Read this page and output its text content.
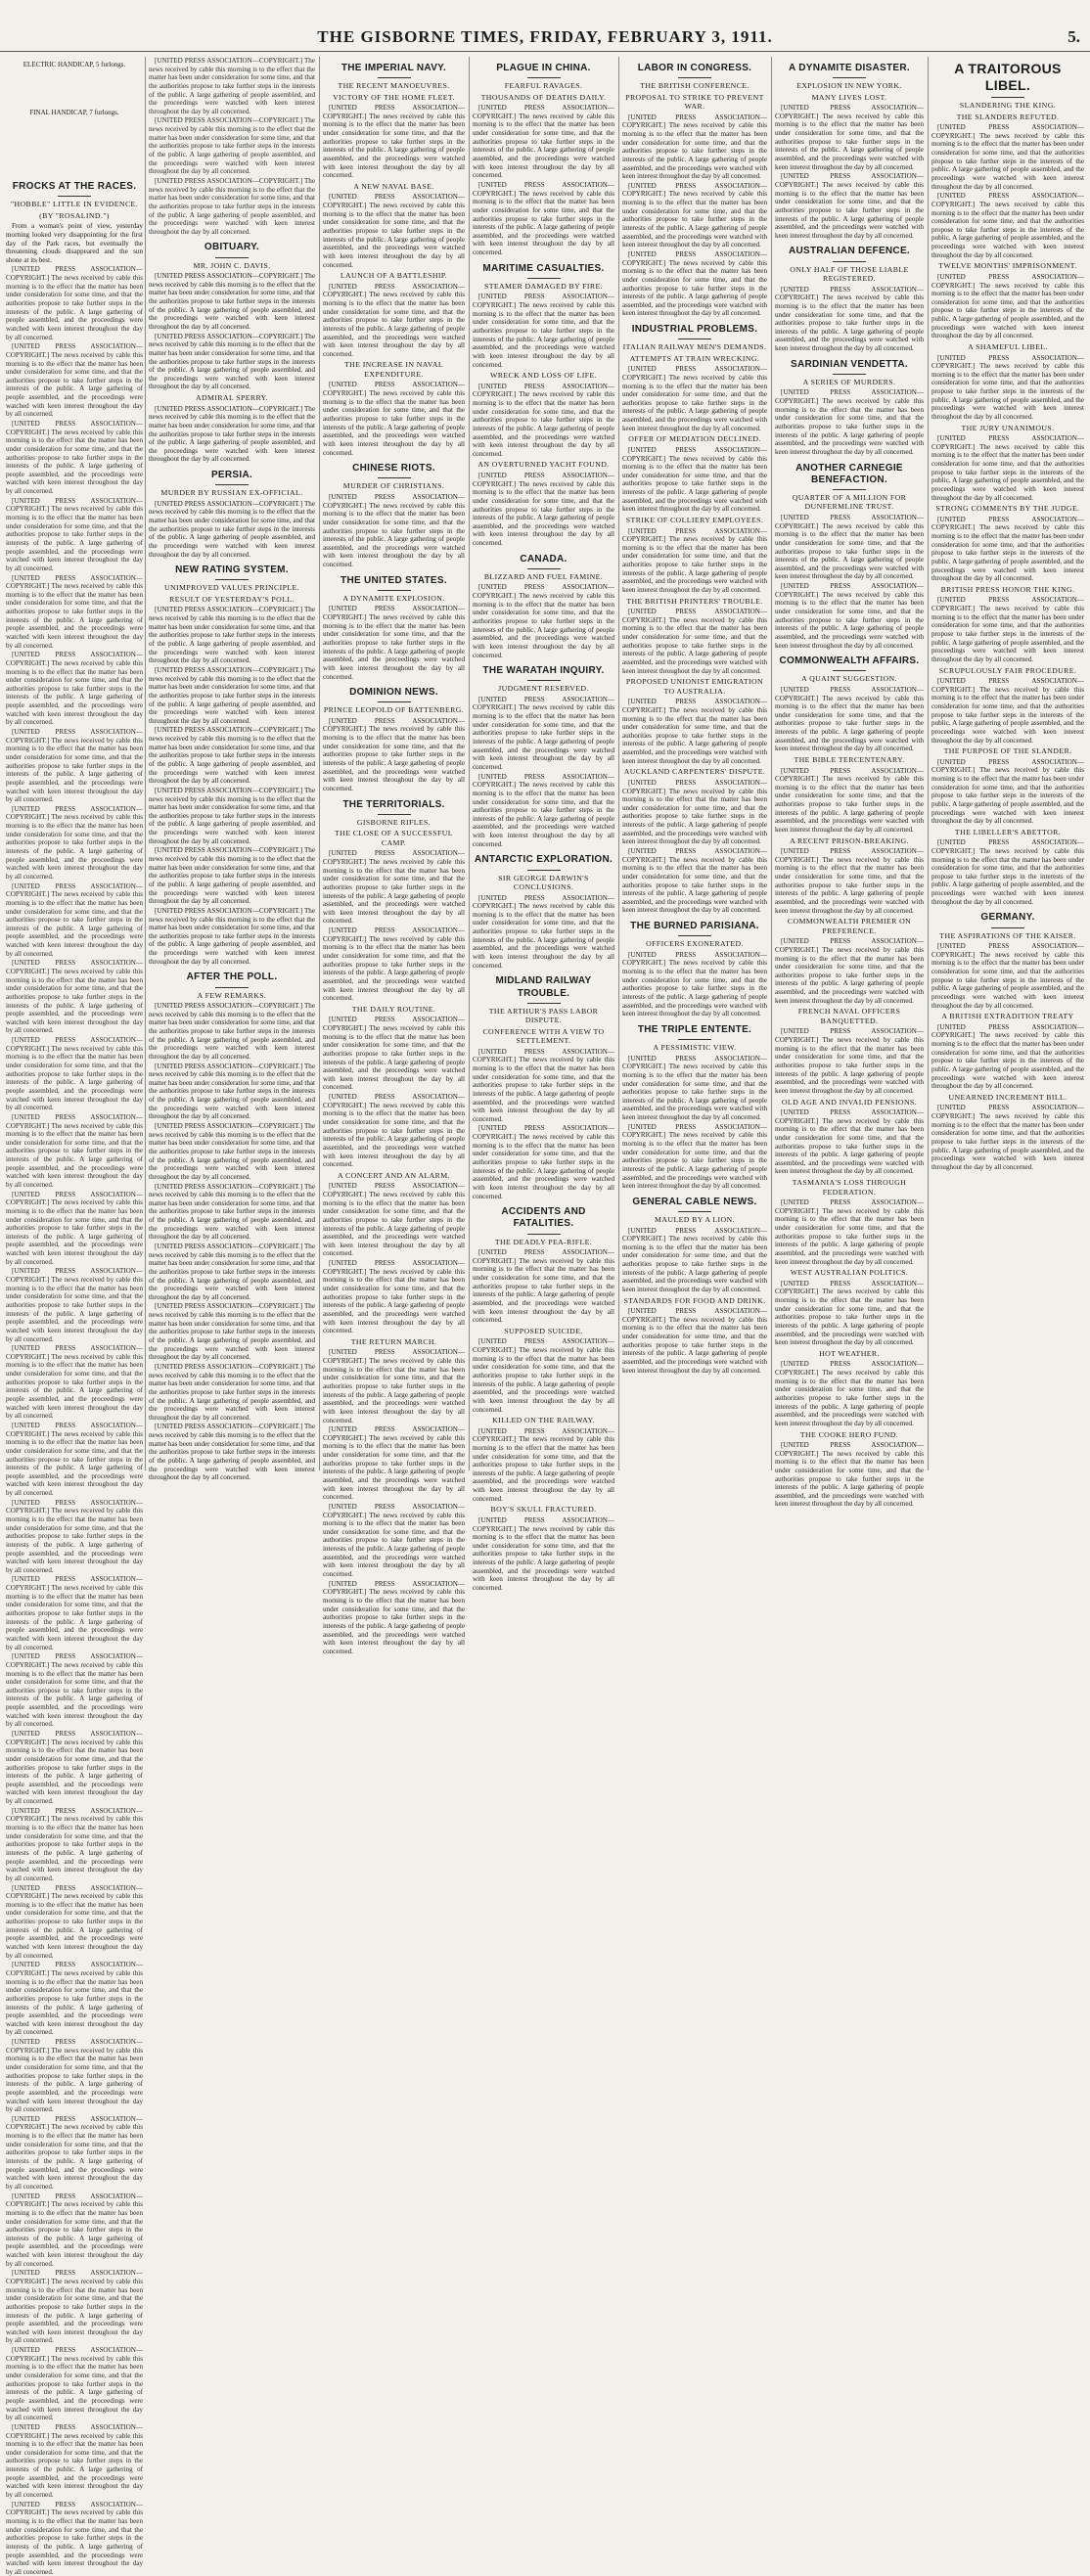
THE GISBORNE TIMES, FRIDAY, FEBRUARY 3, 1911.	5.
ELECTRIC HANDICAP, 5 furlongs.
FINAL HANDICAP, 7 furlongs.
FROCKS AT THE RACES.
"HOBBLE" LITTLE IN EVIDENCE.
(BY "ROSALIND.")
From a woman's point of view, yesterday morning looked very disappointing for the first day of the Park races, but eventually the threatening clouds disappeared and the sun shone at its best.
[UNITED PRESS ASSOCIATION—COPYRIGHT.] The news received by cable this morning is to the effect that the matter has been under consideration for some time, and that the authorities propose to take further steps in the interests of the public. A large gathering of people assembled, and the proceedings were watched with keen interest throughout the day by all concerned.
[UNITED PRESS ASSOCIATION—COPYRIGHT.] The news received by cable this morning is to the effect that the matter has been under consideration for some time, and that the authorities propose to take further steps in the interests of the public. A large gathering of people assembled, and the proceedings were watched with keen interest throughout the day by all concerned.
[UNITED PRESS ASSOCIATION—COPYRIGHT.] The news received by cable this morning is to the effect that the matter has been under consideration for some time, and that the authorities propose to take further steps in the interests of the public. A large gathering of people assembled, and the proceedings were watched with keen interest throughout the day by all concerned.
[UNITED PRESS ASSOCIATION—COPYRIGHT.] The news received by cable this morning is to the effect that the matter has been under consideration for some time, and that the authorities propose to take further steps in the interests of the public. A large gathering of people assembled, and the proceedings were watched with keen interest throughout the day by all concerned.
[UNITED PRESS ASSOCIATION—COPYRIGHT.] The news received by cable this morning is to the effect that the matter has been under consideration for some time, and that the authorities propose to take further steps in the interests of the public. A large gathering of people assembled, and the proceedings were watched with keen interest throughout the day by all concerned.
[UNITED PRESS ASSOCIATION—COPYRIGHT.] The news received by cable this morning is to the effect that the matter has been under consideration for some time, and that the authorities propose to take further steps in the interests of the public. A large gathering of people assembled, and the proceedings were watched with keen interest throughout the day by all concerned.
[UNITED PRESS ASSOCIATION—COPYRIGHT.] The news received by cable this morning is to the effect that the matter has been under consideration for some time, and that the authorities propose to take further steps in the interests of the public. A large gathering of people assembled, and the proceedings were watched with keen interest throughout the day by all concerned.
[UNITED PRESS ASSOCIATION—COPYRIGHT.] The news received by cable this morning is to the effect that the matter has been under consideration for some time, and that the authorities propose to take further steps in the interests of the public. A large gathering of people assembled, and the proceedings were watched with keen interest throughout the day by all concerned.
[UNITED PRESS ASSOCIATION—COPYRIGHT.] The news received by cable this morning is to the effect that the matter has been under consideration for some time, and that the authorities propose to take further steps in the interests of the public. A large gathering of people assembled, and the proceedings were watched with keen interest throughout the day by all concerned.
[UNITED PRESS ASSOCIATION—COPYRIGHT.] The news received by cable this morning is to the effect that the matter has been under consideration for some time, and that the authorities propose to take further steps in the interests of the public. A large gathering of people assembled, and the proceedings were watched with keen interest throughout the day by all concerned.
[UNITED PRESS ASSOCIATION—COPYRIGHT.] The news received by cable this morning is to the effect that the matter has been under consideration for some time, and that the authorities propose to take further steps in the interests of the public. A large gathering of people assembled, and the proceedings were watched with keen interest throughout the day by all concerned.
[UNITED PRESS ASSOCIATION—COPYRIGHT.] The news received by cable this morning is to the effect that the matter has been under consideration for some time, and that the authorities propose to take further steps in the interests of the public. A large gathering of people assembled, and the proceedings were watched with keen interest throughout the day by all concerned.
[UNITED PRESS ASSOCIATION—COPYRIGHT.] The news received by cable this morning is to the effect that the matter has been under consideration for some time, and that the authorities propose to take further steps in the interests of the public. A large gathering of people assembled, and the proceedings were watched with keen interest throughout the day by all concerned.
[UNITED PRESS ASSOCIATION—COPYRIGHT.] The news received by cable this morning is to the effect that the matter has been under consideration for some time, and that the authorities propose to take further steps in the interests of the public. A large gathering of people assembled, and the proceedings were watched with keen interest throughout the day by all concerned.
[UNITED PRESS ASSOCIATION—COPYRIGHT.] The news received by cable this morning is to the effect that the matter has been under consideration for some time, and that the authorities propose to take further steps in the interests of the public. A large gathering of people assembled, and the proceedings were watched with keen interest throughout the day by all concerned.
[UNITED PRESS ASSOCIATION—COPYRIGHT.] The news received by cable this morning is to the effect that the matter has been under consideration for some time, and that the authorities propose to take further steps in the interests of the public. A large gathering of people assembled, and the proceedings were watched with keen interest throughout the day by all concerned.
[UNITED PRESS ASSOCIATION—COPYRIGHT.] The news received by cable this morning is to the effect that the matter has been under consideration for some time, and that the authorities propose to take further steps in the interests of the public. A large gathering of people assembled, and the proceedings were watched with keen interest throughout the day by all concerned.
[UNITED PRESS ASSOCIATION—COPYRIGHT.] The news received by cable this morning is to the effect that the matter has been under consideration for some time, and that the authorities propose to take further steps in the interests of the public. A large gathering of people assembled, and the proceedings were watched with keen interest throughout the day by all concerned.
[UNITED PRESS ASSOCIATION—COPYRIGHT.] The news received by cable this morning is to the effect that the matter has been under consideration for some time, and that the authorities propose to take further steps in the interests of the public. A large gathering of people assembled, and the proceedings were watched with keen interest throughout the day by all concerned.
[UNITED PRESS ASSOCIATION—COPYRIGHT.] The news received by cable this morning is to the effect that the matter has been under consideration for some time, and that the authorities propose to take further steps in the interests of the public. A large gathering of people assembled, and the proceedings were watched with keen interest throughout the day by all concerned.
[UNITED PRESS ASSOCIATION—COPYRIGHT.] The news received by cable this morning is to the effect that the matter has been under consideration for some time, and that the authorities propose to take further steps in the interests of the public. A large gathering of people assembled, and the proceedings were watched with keen interest throughout the day by all concerned.
[UNITED PRESS ASSOCIATION—COPYRIGHT.] The news received by cable this morning is to the effect that the matter has been under consideration for some time, and that the authorities propose to take further steps in the interests of the public. A large gathering of people assembled, and the proceedings were watched with keen interest throughout the day by all concerned.
[UNITED PRESS ASSOCIATION—COPYRIGHT.] The news received by cable this morning is to the effect that the matter has been under consideration for some time, and that the authorities propose to take further steps in the interests of the public. A large gathering of people assembled, and the proceedings were watched with keen interest throughout the day by all concerned.
[UNITED PRESS ASSOCIATION—COPYRIGHT.] The news received by cable this morning is to the effect that the matter has been under consideration for some time, and that the authorities propose to take further steps in the interests of the public. A large gathering of people assembled, and the proceedings were watched with keen interest throughout the day by all concerned.
[UNITED PRESS ASSOCIATION—COPYRIGHT.] The news received by cable this morning is to the effect that the matter has been under consideration for some time, and that the authorities propose to take further steps in the interests of the public. A large gathering of people assembled, and the proceedings were watched with keen interest throughout the day by all concerned.
[UNITED PRESS ASSOCIATION—COPYRIGHT.] The news received by cable this morning is to the effect that the matter has been under consideration for some time, and that the authorities propose to take further steps in the interests of the public. A large gathering of people assembled, and the proceedings were watched with keen interest throughout the day by all concerned.
[UNITED PRESS ASSOCIATION—COPYRIGHT.] The news received by cable this morning is to the effect that the matter has been under consideration for some time, and that the authorities propose to take further steps in the interests of the public. A large gathering of people assembled, and the proceedings were watched with keen interest throughout the day by all concerned.
[UNITED PRESS ASSOCIATION—COPYRIGHT.] The news received by cable this morning is to the effect that the matter has been under consideration for some time, and that the authorities propose to take further steps in the interests of the public. A large gathering of people assembled, and the proceedings were watched with keen interest throughout the day by all concerned.
[UNITED PRESS ASSOCIATION—COPYRIGHT.] The news received by cable this morning is to the effect that the matter has been under consideration for some time, and that the authorities propose to take further steps in the interests of the public. A large gathering of people assembled, and the proceedings were watched with keen interest throughout the day by all concerned.
[UNITED PRESS ASSOCIATION—COPYRIGHT.] The news received by cable this morning is to the effect that the matter has been under consideration for some time, and that the authorities propose to take further steps in the interests of the public. A large gathering of people assembled, and the proceedings were watched with keen interest throughout the day by all concerned.
[UNITED PRESS ASSOCIATION—COPYRIGHT.] The news received by cable this morning is to the effect that the matter has been under consideration for some time, and that the authorities propose to take further steps in the interests of the public. A large gathering of people assembled, and the proceedings were watched with keen interest throughout the day by all concerned.
[UNITED PRESS ASSOCIATION—COPYRIGHT.] The news received by cable this morning is to the effect that the matter has been under consideration for some time, and that the authorities propose to take further steps in the interests of the public. A large gathering of people assembled, and the proceedings were watched with keen interest throughout the day by all concerned.
[UNITED PRESS ASSOCIATION—COPYRIGHT.] The news received by cable this morning is to the effect that the matter has been under consideration for some time, and that the authorities propose to take further steps in the interests of the public. A large gathering of people assembled, and the proceedings were watched with keen interest throughout the day by all concerned.
OBITUARY.
MR. JOHN C. DAVIS.
[UNITED PRESS ASSOCIATION—COPYRIGHT.] The news received by cable this morning is to the effect that the matter has been under consideration for some time, and that the authorities propose to take further steps in the interests of the public. A large gathering of people assembled, and the proceedings were watched with keen interest throughout the day by all concerned.
[UNITED PRESS ASSOCIATION—COPYRIGHT.] The news received by cable this morning is to the effect that the matter has been under consideration for some time, and that the authorities propose to take further steps in the interests of the public. A large gathering of people assembled, and the proceedings were watched with keen interest throughout the day by all concerned.
ADMIRAL SPERRY.
[UNITED PRESS ASSOCIATION—COPYRIGHT.] The news received by cable this morning is to the effect that the matter has been under consideration for some time, and that the authorities propose to take further steps in the interests of the public. A large gathering of people assembled, and the proceedings were watched with keen interest throughout the day by all concerned.
PERSIA.
MURDER BY RUSSIAN EX-OFFICIAL.
[UNITED PRESS ASSOCIATION—COPYRIGHT.] The news received by cable this morning is to the effect that the matter has been under consideration for some time, and that the authorities propose to take further steps in the interests of the public. A large gathering of people assembled, and the proceedings were watched with keen interest throughout the day by all concerned.
NEW RATING SYSTEM.
UNIMPROVED VALUES PRINCIPLE.
RESULT OF YESTERDAY'S POLL.
[UNITED PRESS ASSOCIATION—COPYRIGHT.] The news received by cable this morning is to the effect that the matter has been under consideration for some time, and that the authorities propose to take further steps in the interests of the public. A large gathering of people assembled, and the proceedings were watched with keen interest throughout the day by all concerned.
[UNITED PRESS ASSOCIATION—COPYRIGHT.] The news received by cable this morning is to the effect that the matter has been under consideration for some time, and that the authorities propose to take further steps in the interests of the public. A large gathering of people assembled, and the proceedings were watched with keen interest throughout the day by all concerned.
[UNITED PRESS ASSOCIATION—COPYRIGHT.] The news received by cable this morning is to the effect that the matter has been under consideration for some time, and that the authorities propose to take further steps in the interests of the public. A large gathering of people assembled, and the proceedings were watched with keen interest throughout the day by all concerned.
[UNITED PRESS ASSOCIATION—COPYRIGHT.] The news received by cable this morning is to the effect that the matter has been under consideration for some time, and that the authorities propose to take further steps in the interests of the public. A large gathering of people assembled, and the proceedings were watched with keen interest throughout the day by all concerned.
[UNITED PRESS ASSOCIATION—COPYRIGHT.] The news received by cable this morning is to the effect that the matter has been under consideration for some time, and that the authorities propose to take further steps in the interests of the public. A large gathering of people assembled, and the proceedings were watched with keen interest throughout the day by all concerned.
[UNITED PRESS ASSOCIATION—COPYRIGHT.] The news received by cable this morning is to the effect that the matter has been under consideration for some time, and that the authorities propose to take further steps in the interests of the public. A large gathering of people assembled, and the proceedings were watched with keen interest throughout the day by all concerned.
AFTER THE POLL.
A FEW REMARKS.
[UNITED PRESS ASSOCIATION—COPYRIGHT.] The news received by cable this morning is to the effect that the matter has been under consideration for some time, and that the authorities propose to take further steps in the interests of the public. A large gathering of people assembled, and the proceedings were watched with keen interest throughout the day by all concerned.
[UNITED PRESS ASSOCIATION—COPYRIGHT.] The news received by cable this morning is to the effect that the matter has been under consideration for some time, and that the authorities propose to take further steps in the interests of the public. A large gathering of people assembled, and the proceedings were watched with keen interest throughout the day by all concerned.
[UNITED PRESS ASSOCIATION—COPYRIGHT.] The news received by cable this morning is to the effect that the matter has been under consideration for some time, and that the authorities propose to take further steps in the interests of the public. A large gathering of people assembled, and the proceedings were watched with keen interest throughout the day by all concerned.
[UNITED PRESS ASSOCIATION—COPYRIGHT.] The news received by cable this morning is to the effect that the matter has been under consideration for some time, and that the authorities propose to take further steps in the interests of the public. A large gathering of people assembled, and the proceedings were watched with keen interest throughout the day by all concerned.
[UNITED PRESS ASSOCIATION—COPYRIGHT.] The news received by cable this morning is to the effect that the matter has been under consideration for some time, and that the authorities propose to take further steps in the interests of the public. A large gathering of people assembled, and the proceedings were watched with keen interest throughout the day by all concerned.
[UNITED PRESS ASSOCIATION—COPYRIGHT.] The news received by cable this morning is to the effect that the matter has been under consideration for some time, and that the authorities propose to take further steps in the interests of the public. A large gathering of people assembled, and the proceedings were watched with keen interest throughout the day by all concerned.
[UNITED PRESS ASSOCIATION—COPYRIGHT.] The news received by cable this morning is to the effect that the matter has been under consideration for some time, and that the authorities propose to take further steps in the interests of the public. A large gathering of people assembled, and the proceedings were watched with keen interest throughout the day by all concerned.
[UNITED PRESS ASSOCIATION—COPYRIGHT.] The news received by cable this morning is to the effect that the matter has been under consideration for some time, and that the authorities propose to take further steps in the interests of the public. A large gathering of people assembled, and the proceedings were watched with keen interest throughout the day by all concerned.
THE IMPERIAL NAVY.
THE RECENT MANOEUVRES.
VICTORY OF THE HOME FLEET.
[UNITED PRESS ASSOCIATION—COPYRIGHT.] The news received by cable this morning is to the effect that the matter has been under consideration for some time, and that the authorities propose to take further steps in the interests of the public. A large gathering of people assembled, and the proceedings were watched with keen interest throughout the day by all concerned.
A NEW NAVAL BASE.
[UNITED PRESS ASSOCIATION—COPYRIGHT.] The news received by cable this morning is to the effect that the matter has been under consideration for some time, and that the authorities propose to take further steps in the interests of the public. A large gathering of people assembled, and the proceedings were watched with keen interest throughout the day by all concerned.
LAUNCH OF A BATTLESHIP.
[UNITED PRESS ASSOCIATION—COPYRIGHT.] The news received by cable this morning is to the effect that the matter has been under consideration for some time, and that the authorities propose to take further steps in the interests of the public. A large gathering of people assembled, and the proceedings were watched with keen interest throughout the day by all concerned.
THE INCREASE IN NAVAL EXPENDITURE.
[UNITED PRESS ASSOCIATION—COPYRIGHT.] The news received by cable this morning is to the effect that the matter has been under consideration for some time, and that the authorities propose to take further steps in the interests of the public. A large gathering of people assembled, and the proceedings were watched with keen interest throughout the day by all concerned.
CHINESE RIOTS.
MURDER OF CHRISTIANS.
[UNITED PRESS ASSOCIATION—COPYRIGHT.] The news received by cable this morning is to the effect that the matter has been under consideration for some time, and that the authorities propose to take further steps in the interests of the public. A large gathering of people assembled, and the proceedings were watched with keen interest throughout the day by all concerned.
THE UNITED STATES.
A DYNAMITE EXPLOSION.
[UNITED PRESS ASSOCIATION—COPYRIGHT.] The news received by cable this morning is to the effect that the matter has been under consideration for some time, and that the authorities propose to take further steps in the interests of the public. A large gathering of people assembled, and the proceedings were watched with keen interest throughout the day by all concerned.
DOMINION NEWS.
PRINCE LEOPOLD OF BATTENBERG.
[UNITED PRESS ASSOCIATION—COPYRIGHT.] The news received by cable this morning is to the effect that the matter has been under consideration for some time, and that the authorities propose to take further steps in the interests of the public. A large gathering of people assembled, and the proceedings were watched with keen interest throughout the day by all concerned.
THE TERRITORIALS.
GISBORNE RIFLES.
THE CLOSE OF A SUCCESSFUL CAMP.
[UNITED PRESS ASSOCIATION—COPYRIGHT.] The news received by cable this morning is to the effect that the matter has been under consideration for some time, and that the authorities propose to take further steps in the interests of the public. A large gathering of people assembled, and the proceedings were watched with keen interest throughout the day by all concerned.
[UNITED PRESS ASSOCIATION—COPYRIGHT.] The news received by cable this morning is to the effect that the matter has been under consideration for some time, and that the authorities propose to take further steps in the interests of the public. A large gathering of people assembled, and the proceedings were watched with keen interest throughout the day by all concerned.
THE DAILY ROUTINE.
[UNITED PRESS ASSOCIATION—COPYRIGHT.] The news received by cable this morning is to the effect that the matter has been under consideration for some time, and that the authorities propose to take further steps in the interests of the public. A large gathering of people assembled, and the proceedings were watched with keen interest throughout the day by all concerned.
[UNITED PRESS ASSOCIATION—COPYRIGHT.] The news received by cable this morning is to the effect that the matter has been under consideration for some time, and that the authorities propose to take further steps in the interests of the public. A large gathering of people assembled, and the proceedings were watched with keen interest throughout the day by all concerned.
A CONCERT AND AN ALARM.
[UNITED PRESS ASSOCIATION—COPYRIGHT.] The news received by cable this morning is to the effect that the matter has been under consideration for some time, and that the authorities propose to take further steps in the interests of the public. A large gathering of people assembled, and the proceedings were watched with keen interest throughout the day by all concerned.
[UNITED PRESS ASSOCIATION—COPYRIGHT.] The news received by cable this morning is to the effect that the matter has been under consideration for some time, and that the authorities propose to take further steps in the interests of the public. A large gathering of people assembled, and the proceedings were watched with keen interest throughout the day by all concerned.
THE RETURN MARCH.
[UNITED PRESS ASSOCIATION—COPYRIGHT.] The news received by cable this morning is to the effect that the matter has been under consideration for some time, and that the authorities propose to take further steps in the interests of the public. A large gathering of people assembled, and the proceedings were watched with keen interest throughout the day by all concerned.
[UNITED PRESS ASSOCIATION—COPYRIGHT.] The news received by cable this morning is to the effect that the matter has been under consideration for some time, and that the authorities propose to take further steps in the interests of the public. A large gathering of people assembled, and the proceedings were watched with keen interest throughout the day by all concerned.
[UNITED PRESS ASSOCIATION—COPYRIGHT.] The news received by cable this morning is to the effect that the matter has been under consideration for some time, and that the authorities propose to take further steps in the interests of the public. A large gathering of people assembled, and the proceedings were watched with keen interest throughout the day by all concerned.
[UNITED PRESS ASSOCIATION—COPYRIGHT.] The news received by cable this morning is to the effect that the matter has been under consideration for some time, and that the authorities propose to take further steps in the interests of the public. A large gathering of people assembled, and the proceedings were watched with keen interest throughout the day by all concerned.
PLAGUE IN CHINA.
FEARFUL RAVAGES.
THOUSANDS OF DEATHS DAILY.
[UNITED PRESS ASSOCIATION—COPYRIGHT.] The news received by cable this morning is to the effect that the matter has been under consideration for some time, and that the authorities propose to take further steps in the interests of the public. A large gathering of people assembled, and the proceedings were watched with keen interest throughout the day by all concerned.
[UNITED PRESS ASSOCIATION—COPYRIGHT.] The news received by cable this morning is to the effect that the matter has been under consideration for some time, and that the authorities propose to take further steps in the interests of the public. A large gathering of people assembled, and the proceedings were watched with keen interest throughout the day by all concerned.
MARITIME CASUALTIES.
STEAMER DAMAGED BY FIRE.
[UNITED PRESS ASSOCIATION—COPYRIGHT.] The news received by cable this morning is to the effect that the matter has been under consideration for some time, and that the authorities propose to take further steps in the interests of the public. A large gathering of people assembled, and the proceedings were watched with keen interest throughout the day by all concerned.
WRECK AND LOSS OF LIFE.
[UNITED PRESS ASSOCIATION—COPYRIGHT.] The news received by cable this morning is to the effect that the matter has been under consideration for some time, and that the authorities propose to take further steps in the interests of the public. A large gathering of people assembled, and the proceedings were watched with keen interest throughout the day by all concerned.
AN OVERTURNED YACHT FOUND.
[UNITED PRESS ASSOCIATION—COPYRIGHT.] The news received by cable this morning is to the effect that the matter has been under consideration for some time, and that the authorities propose to take further steps in the interests of the public. A large gathering of people assembled, and the proceedings were watched with keen interest throughout the day by all concerned.
CANADA.
BLIZZARD AND FUEL FAMINE.
[UNITED PRESS ASSOCIATION—COPYRIGHT.] The news received by cable this morning is to the effect that the matter has been under consideration for some time, and that the authorities propose to take further steps in the interests of the public. A large gathering of people assembled, and the proceedings were watched with keen interest throughout the day by all concerned.
THE WARATAH INQUIRY.
JUDGMENT RESERVED.
[UNITED PRESS ASSOCIATION—COPYRIGHT.] The news received by cable this morning is to the effect that the matter has been under consideration for some time, and that the authorities propose to take further steps in the interests of the public. A large gathering of people assembled, and the proceedings were watched with keen interest throughout the day by all concerned.
[UNITED PRESS ASSOCIATION—COPYRIGHT.] The news received by cable this morning is to the effect that the matter has been under consideration for some time, and that the authorities propose to take further steps in the interests of the public. A large gathering of people assembled, and the proceedings were watched with keen interest throughout the day by all concerned.
ANTARCTIC EXPLORATION.
SIR GEORGE DARWIN'S CONCLUSIONS.
[UNITED PRESS ASSOCIATION—COPYRIGHT.] The news received by cable this morning is to the effect that the matter has been under consideration for some time, and that the authorities propose to take further steps in the interests of the public. A large gathering of people assembled, and the proceedings were watched with keen interest throughout the day by all concerned.
MIDLAND RAILWAY TROUBLE.
THE ARTHUR'S PASS LABOR DISPUTE.
CONFERENCE WITH A VIEW TO SETTLEMENT.
[UNITED PRESS ASSOCIATION—COPYRIGHT.] The news received by cable this morning is to the effect that the matter has been under consideration for some time, and that the authorities propose to take further steps in the interests of the public. A large gathering of people assembled, and the proceedings were watched with keen interest throughout the day by all concerned.
[UNITED PRESS ASSOCIATION—COPYRIGHT.] The news received by cable this morning is to the effect that the matter has been under consideration for some time, and that the authorities propose to take further steps in the interests of the public. A large gathering of people assembled, and the proceedings were watched with keen interest throughout the day by all concerned.
ACCIDENTS AND FATALITIES.
THE DEADLY PEA-RIFLE.
[UNITED PRESS ASSOCIATION—COPYRIGHT.] The news received by cable this morning is to the effect that the matter has been under consideration for some time, and that the authorities propose to take further steps in the interests of the public. A large gathering of people assembled, and the proceedings were watched with keen interest throughout the day by all concerned.
SUPPOSED SUICIDE.
[UNITED PRESS ASSOCIATION—COPYRIGHT.] The news received by cable this morning is to the effect that the matter has been under consideration for some time, and that the authorities propose to take further steps in the interests of the public. A large gathering of people assembled, and the proceedings were watched with keen interest throughout the day by all concerned.
KILLED ON THE RAILWAY.
[UNITED PRESS ASSOCIATION—COPYRIGHT.] The news received by cable this morning is to the effect that the matter has been under consideration for some time, and that the authorities propose to take further steps in the interests of the public. A large gathering of people assembled, and the proceedings were watched with keen interest throughout the day by all concerned.
BOY'S SKULL FRACTURED.
[UNITED PRESS ASSOCIATION—COPYRIGHT.] The news received by cable this morning is to the effect that the matter has been under consideration for some time, and that the authorities propose to take further steps in the interests of the public. A large gathering of people assembled, and the proceedings were watched with keen interest throughout the day by all concerned.
LABOR IN CONGRESS.
THE BRITISH CONFERENCE.
PROPOSAL TO STRIKE TO PREVENT WAR.
[UNITED PRESS ASSOCIATION—COPYRIGHT.] The news received by cable this morning is to the effect that the matter has been under consideration for some time, and that the authorities propose to take further steps in the interests of the public. A large gathering of people assembled, and the proceedings were watched with keen interest throughout the day by all concerned.
[UNITED PRESS ASSOCIATION—COPYRIGHT.] The news received by cable this morning is to the effect that the matter has been under consideration for some time, and that the authorities propose to take further steps in the interests of the public. A large gathering of people assembled, and the proceedings were watched with keen interest throughout the day by all concerned.
[UNITED PRESS ASSOCIATION—COPYRIGHT.] The news received by cable this morning is to the effect that the matter has been under consideration for some time, and that the authorities propose to take further steps in the interests of the public. A large gathering of people assembled, and the proceedings were watched with keen interest throughout the day by all concerned.
INDUSTRIAL PROBLEMS.
ITALIAN RAILWAY MEN'S DEMANDS.
ATTEMPTS AT TRAIN WRECKING.
[UNITED PRESS ASSOCIATION—COPYRIGHT.] The news received by cable this morning is to the effect that the matter has been under consideration for some time, and that the authorities propose to take further steps in the interests of the public. A large gathering of people assembled, and the proceedings were watched with keen interest throughout the day by all concerned.
OFFER OF MEDIATION DECLINED.
[UNITED PRESS ASSOCIATION—COPYRIGHT.] The news received by cable this morning is to the effect that the matter has been under consideration for some time, and that the authorities propose to take further steps in the interests of the public. A large gathering of people assembled, and the proceedings were watched with keen interest throughout the day by all concerned.
STRIKE OF COLLIERY EMPLOYEES.
[UNITED PRESS ASSOCIATION—COPYRIGHT.] The news received by cable this morning is to the effect that the matter has been under consideration for some time, and that the authorities propose to take further steps in the interests of the public. A large gathering of people assembled, and the proceedings were watched with keen interest throughout the day by all concerned.
THE BRITISH PRINTERS' TROUBLE.
[UNITED PRESS ASSOCIATION—COPYRIGHT.] The news received by cable this morning is to the effect that the matter has been under consideration for some time, and that the authorities propose to take further steps in the interests of the public. A large gathering of people assembled, and the proceedings were watched with keen interest throughout the day by all concerned.
PROPOSED UNIONIST EMIGRATION TO AUSTRALIA.
[UNITED PRESS ASSOCIATION—COPYRIGHT.] The news received by cable this morning is to the effect that the matter has been under consideration for some time, and that the authorities propose to take further steps in the interests of the public. A large gathering of people assembled, and the proceedings were watched with keen interest throughout the day by all concerned.
AUCKLAND CARPENTERS' DISPUTE.
[UNITED PRESS ASSOCIATION—COPYRIGHT.] The news received by cable this morning is to the effect that the matter has been under consideration for some time, and that the authorities propose to take further steps in the interests of the public. A large gathering of people assembled, and the proceedings were watched with keen interest throughout the day by all concerned.
[UNITED PRESS ASSOCIATION—COPYRIGHT.] The news received by cable this morning is to the effect that the matter has been under consideration for some time, and that the authorities propose to take further steps in the interests of the public. A large gathering of people assembled, and the proceedings were watched with keen interest throughout the day by all concerned.
THE BURNED PARISIANA.
OFFICERS EXONERATED.
[UNITED PRESS ASSOCIATION—COPYRIGHT.] The news received by cable this morning is to the effect that the matter has been under consideration for some time, and that the authorities propose to take further steps in the interests of the public. A large gathering of people assembled, and the proceedings were watched with keen interest throughout the day by all concerned.
THE TRIPLE ENTENTE.
A PESSIMISTIC VIEW.
[UNITED PRESS ASSOCIATION—COPYRIGHT.] The news received by cable this morning is to the effect that the matter has been under consideration for some time, and that the authorities propose to take further steps in the interests of the public. A large gathering of people assembled, and the proceedings were watched with keen interest throughout the day by all concerned.
[UNITED PRESS ASSOCIATION—COPYRIGHT.] The news received by cable this morning is to the effect that the matter has been under consideration for some time, and that the authorities propose to take further steps in the interests of the public. A large gathering of people assembled, and the proceedings were watched with keen interest throughout the day by all concerned.
GENERAL CABLE NEWS.
MAULED BY A LION.
[UNITED PRESS ASSOCIATION—COPYRIGHT.] The news received by cable this morning is to the effect that the matter has been under consideration for some time, and that the authorities propose to take further steps in the interests of the public. A large gathering of people assembled, and the proceedings were watched with keen interest throughout the day by all concerned.
STANDARDS FOR FOOD AND DRINK.
[UNITED PRESS ASSOCIATION—COPYRIGHT.] The news received by cable this morning is to the effect that the matter has been under consideration for some time, and that the authorities propose to take further steps in the interests of the public. A large gathering of people assembled, and the proceedings were watched with keen interest throughout the day by all concerned.
A DYNAMITE DISASTER.
EXPLOSION IN NEW YORK.
MANY LIVES LOST.
[UNITED PRESS ASSOCIATION—COPYRIGHT.] The news received by cable this morning is to the effect that the matter has been under consideration for some time, and that the authorities propose to take further steps in the interests of the public. A large gathering of people assembled, and the proceedings were watched with keen interest throughout the day by all concerned.
[UNITED PRESS ASSOCIATION—COPYRIGHT.] The news received by cable this morning is to the effect that the matter has been under consideration for some time, and that the authorities propose to take further steps in the interests of the public. A large gathering of people assembled, and the proceedings were watched with keen interest throughout the day by all concerned.
AUSTRALIAN DEFENCE.
ONLY HALF OF THOSE LIABLE REGISTERED.
[UNITED PRESS ASSOCIATION—COPYRIGHT.] The news received by cable this morning is to the effect that the matter has been under consideration for some time, and that the authorities propose to take further steps in the interests of the public. A large gathering of people assembled, and the proceedings were watched with keen interest throughout the day by all concerned.
SARDINIAN VENDETTA.
A SERIES OF MURDERS.
[UNITED PRESS ASSOCIATION—COPYRIGHT.] The news received by cable this morning is to the effect that the matter has been under consideration for some time, and that the authorities propose to take further steps in the interests of the public. A large gathering of people assembled, and the proceedings were watched with keen interest throughout the day by all concerned.
ANOTHER CARNEGIE BENEFACTION.
QUARTER OF A MILLION FOR DUNFERMLINE TRUST.
[UNITED PRESS ASSOCIATION—COPYRIGHT.] The news received by cable this morning is to the effect that the matter has been under consideration for some time, and that the authorities propose to take further steps in the interests of the public. A large gathering of people assembled, and the proceedings were watched with keen interest throughout the day by all concerned.
[UNITED PRESS ASSOCIATION—COPYRIGHT.] The news received by cable this morning is to the effect that the matter has been under consideration for some time, and that the authorities propose to take further steps in the interests of the public. A large gathering of people assembled, and the proceedings were watched with keen interest throughout the day by all concerned.
COMMONWEALTH AFFAIRS.
A QUAINT SUGGESTION.
[UNITED PRESS ASSOCIATION—COPYRIGHT.] The news received by cable this morning is to the effect that the matter has been under consideration for some time, and that the authorities propose to take further steps in the interests of the public. A large gathering of people assembled, and the proceedings were watched with keen interest throughout the day by all concerned.
THE BIBLE TERCENTENARY.
[UNITED PRESS ASSOCIATION—COPYRIGHT.] The news received by cable this morning is to the effect that the matter has been under consideration for some time, and that the authorities propose to take further steps in the interests of the public. A large gathering of people assembled, and the proceedings were watched with keen interest throughout the day by all concerned.
A RECENT PRISON-BREAKING.
[UNITED PRESS ASSOCIATION—COPYRIGHT.] The news received by cable this morning is to the effect that the matter has been under consideration for some time, and that the authorities propose to take further steps in the interests of the public. A large gathering of people assembled, and the proceedings were watched with keen interest throughout the day by all concerned.
COMMONWEALTH PREMIER ON PREFERENCE.
[UNITED PRESS ASSOCIATION—COPYRIGHT.] The news received by cable this morning is to the effect that the matter has been under consideration for some time, and that the authorities propose to take further steps in the interests of the public. A large gathering of people assembled, and the proceedings were watched with keen interest throughout the day by all concerned.
FRENCH NAVAL OFFICERS BANQUETTED.
[UNITED PRESS ASSOCIATION—COPYRIGHT.] The news received by cable this morning is to the effect that the matter has been under consideration for some time, and that the authorities propose to take further steps in the interests of the public. A large gathering of people assembled, and the proceedings were watched with keen interest throughout the day by all concerned.
OLD AGE AND INVALID PENSIONS.
[UNITED PRESS ASSOCIATION—COPYRIGHT.] The news received by cable this morning is to the effect that the matter has been under consideration for some time, and that the authorities propose to take further steps in the interests of the public. A large gathering of people assembled, and the proceedings were watched with keen interest throughout the day by all concerned.
TASMANIA'S LOSS THROUGH FEDERATION.
[UNITED PRESS ASSOCIATION—COPYRIGHT.] The news received by cable this morning is to the effect that the matter has been under consideration for some time, and that the authorities propose to take further steps in the interests of the public. A large gathering of people assembled, and the proceedings were watched with keen interest throughout the day by all concerned.
WEST AUSTRALIAN POLITICS.
[UNITED PRESS ASSOCIATION—COPYRIGHT.] The news received by cable this morning is to the effect that the matter has been under consideration for some time, and that the authorities propose to take further steps in the interests of the public. A large gathering of people assembled, and the proceedings were watched with keen interest throughout the day by all concerned.
HOT WEATHER.
[UNITED PRESS ASSOCIATION—COPYRIGHT.] The news received by cable this morning is to the effect that the matter has been under consideration for some time, and that the authorities propose to take further steps in the interests of the public. A large gathering of people assembled, and the proceedings were watched with keen interest throughout the day by all concerned.
THE COOKE HERO FUND.
[UNITED PRESS ASSOCIATION—COPYRIGHT.] The news received by cable this morning is to the effect that the matter has been under consideration for some time, and that the authorities propose to take further steps in the interests of the public. A large gathering of people assembled, and the proceedings were watched with keen interest throughout the day by all concerned.
A TRAITOROUS LIBEL.
SLANDERING THE KING.
THE SLANDERS REFUTED.
[UNITED PRESS ASSOCIATION—COPYRIGHT.] The news received by cable this morning is to the effect that the matter has been under consideration for some time, and that the authorities propose to take further steps in the interests of the public. A large gathering of people assembled, and the proceedings were watched with keen interest throughout the day by all concerned.
[UNITED PRESS ASSOCIATION—COPYRIGHT.] The news received by cable this morning is to the effect that the matter has been under consideration for some time, and that the authorities propose to take further steps in the interests of the public. A large gathering of people assembled, and the proceedings were watched with keen interest throughout the day by all concerned.
TWELVE MONTHS' IMPRISONMENT.
[UNITED PRESS ASSOCIATION—COPYRIGHT.] The news received by cable this morning is to the effect that the matter has been under consideration for some time, and that the authorities propose to take further steps in the interests of the public. A large gathering of people assembled, and the proceedings were watched with keen interest throughout the day by all concerned.
A SHAMEFUL LIBEL.
[UNITED PRESS ASSOCIATION—COPYRIGHT.] The news received by cable this morning is to the effect that the matter has been under consideration for some time, and that the authorities propose to take further steps in the interests of the public. A large gathering of people assembled, and the proceedings were watched with keen interest throughout the day by all concerned.
THE JURY UNANIMOUS.
[UNITED PRESS ASSOCIATION—COPYRIGHT.] The news received by cable this morning is to the effect that the matter has been under consideration for some time, and that the authorities propose to take further steps in the interests of the public. A large gathering of people assembled, and the proceedings were watched with keen interest throughout the day by all concerned.
STRONG COMMENTS BY THE JUDGE.
[UNITED PRESS ASSOCIATION—COPYRIGHT.] The news received by cable this morning is to the effect that the matter has been under consideration for some time, and that the authorities propose to take further steps in the interests of the public. A large gathering of people assembled, and the proceedings were watched with keen interest throughout the day by all concerned.
BRITISH PRESS HONOR THE KING.
[UNITED PRESS ASSOCIATION—COPYRIGHT.] The news received by cable this morning is to the effect that the matter has been under consideration for some time, and that the authorities propose to take further steps in the interests of the public. A large gathering of people assembled, and the proceedings were watched with keen interest throughout the day by all concerned.
SCRUPULOUSLY FAIR PROCEDURE.
[UNITED PRESS ASSOCIATION—COPYRIGHT.] The news received by cable this morning is to the effect that the matter has been under consideration for some time, and that the authorities propose to take further steps in the interests of the public. A large gathering of people assembled, and the proceedings were watched with keen interest throughout the day by all concerned.
THE PURPOSE OF THE SLANDER.
[UNITED PRESS ASSOCIATION—COPYRIGHT.] The news received by cable this morning is to the effect that the matter has been under consideration for some time, and that the authorities propose to take further steps in the interests of the public. A large gathering of people assembled, and the proceedings were watched with keen interest throughout the day by all concerned.
THE LIBELLER'S ABETTOR.
[UNITED PRESS ASSOCIATION—COPYRIGHT.] The news received by cable this morning is to the effect that the matter has been under consideration for some time, and that the authorities propose to take further steps in the interests of the public. A large gathering of people assembled, and the proceedings were watched with keen interest throughout the day by all concerned.
GERMANY.
THE ASPIRATIONS OF THE KAISER.
[UNITED PRESS ASSOCIATION—COPYRIGHT.] The news received by cable this morning is to the effect that the matter has been under consideration for some time, and that the authorities propose to take further steps in the interests of the public. A large gathering of people assembled, and the proceedings were watched with keen interest throughout the day by all concerned.
A BRITISH EXTRADITION TREATY
[UNITED PRESS ASSOCIATION—COPYRIGHT.] The news received by cable this morning is to the effect that the matter has been under consideration for some time, and that the authorities propose to take further steps in the interests of the public. A large gathering of people assembled, and the proceedings were watched with keen interest throughout the day by all concerned.
UNEARNED INCREMENT BILL.
[UNITED PRESS ASSOCIATION—COPYRIGHT.] The news received by cable this morning is to the effect that the matter has been under consideration for some time, and that the authorities propose to take further steps in the interests of the public. A large gathering of people assembled, and the proceedings were watched with keen interest throughout the day by all concerned.
